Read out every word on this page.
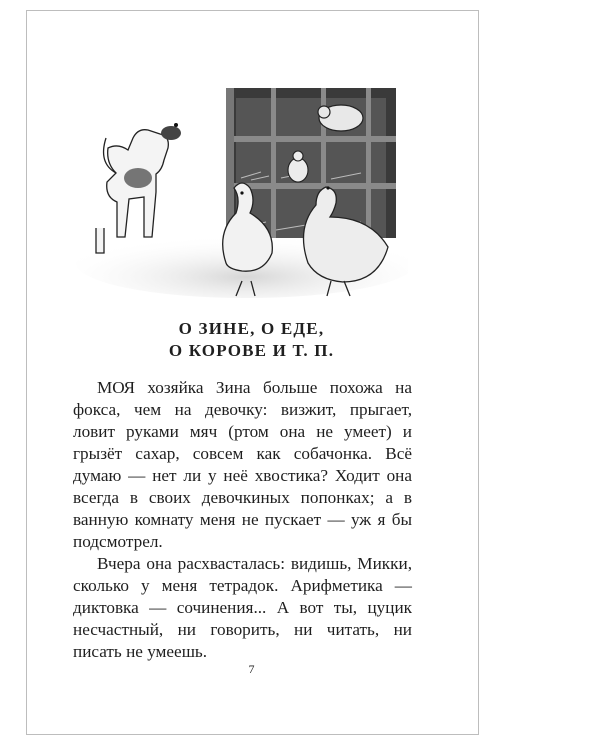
О ЗИНЕ, О ЕДЕ,
О КОРОВЕ И Т. П.

МОЯ хозяйка Зина больше похожа на фокса, чем на девочку: визжит, прыгает, ловит руками мяч (ртом она не умеет) и грызёт сахар, совсем как собачонка. Всё думаю — нет ли у неё хвостика? Ходит она всегда в своих девочкиных попонках; а в ванную комнату меня не пускает — уж я бы подсмотрел.

Вчера она расхвасталась: видишь, Микки, сколько у меня тетрадок. Арифметика — диктовка — сочинения... А вот ты, цуцик несчастный, ни говорить, ни читать, ни писать не умеешь.

7
